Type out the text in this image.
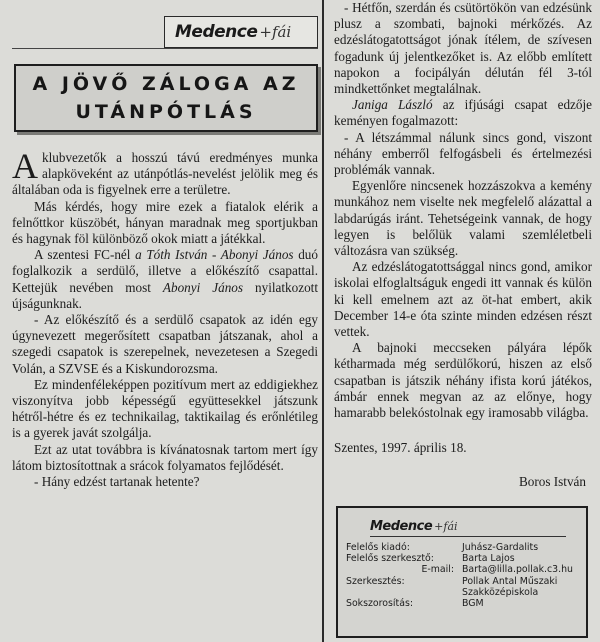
Medence + fái
A JÖVŐ ZÁLOGA AZ
UTÁNPÓTLÁS

A klubvezetők a hosszú távú eredményes munka alapköveként az utánpótlás-nevelést jelölik meg és általában oda is figyelnek erre a területre.

Más kérdés, hogy mire ezek a fiatalok elérik a felnőttkor küszöbét, hányan maradnak meg sportjukban és hagynak föl különböző okok miatt a játékkal.

A szentesi FC-nél a Tóth István - Abonyi János duó foglalkozik a serdülő, illetve a előkészítő csapattal. Kettejük nevében most Abonyi János nyilatkozott újságunknak.

- Az előkészítő és a serdülő csapatok az idén egy úgynevezett megerősített csapatban játszanak, ahol a szegedi csapatok is szerepelnek, nevezetesen a Szegedi Volán, a SZVSE és a Kiskundorozsma.

Ez mindenféleképpen pozitívum mert az eddigiekhez viszonyítva jobb képességű együttesekkel játszunk hétről-hétre és ez technikailag, taktikailag és erőnlétileg is a gyerek javát szolgálja.

Ezt az utat továbbra is kívánatosnak tartom mert így látom biztosítottnak a srácok folyamatos fejlődését.

- Hány edzést tartanak hetente?

- Hétfőn, szerdán és csütörtökön van edzésünk plusz a szombati, bajnoki mérkőzés. Az edzéslátogatottságot jónak ítélem, de szívesen fogadunk új jelentkezőket is. Az előbb említett napokon a focipályán délután fél 3-tól mindkettőnket megtalálnak.

Janiga László az ifjúsági csapat edzője keményen fogalmazott:

- A létszámmal nálunk sincs gond, viszont néhány emberről felfogásbeli és értelmezési problémák vannak.

Egyenlőre nincsenek hozzászokva a kemény munkához nem viselte nek megfelelő alázattal a labdarúgás iránt. Tehetségeink vannak, de hogy legyen is belőlük valami szemléletbeli változásra van szükség.

Az edzéslátogatottsággal nincs gond, amikor iskolai elfoglaltságuk engedi itt vannak és külön ki kell emelnem azt az öt-hat embert, akik December 14-e óta szinte minden edzésen részt vettek.

A bajnoki meccseken pályára lépők kétharmada még serdülőkorú, hiszen az első csapatban is játszik néhány ifista korú játékos, ámbár ennek megvan az az előnye, hogy hamarabb belekóstolnak egy iramosabb világba.

Szentes, 1997. április 18.
Boros István
Medence + fái
Felelős kiadó:	Juhász-Gardalits
Felelős szerkesztő:	Barta Lajos
E-mail: Barta@lilla.pollak.c3.hu
Szerkesztés:	Pollak Antal Műszaki
Szakközépiskola
Sokszorosítás:	BGM
